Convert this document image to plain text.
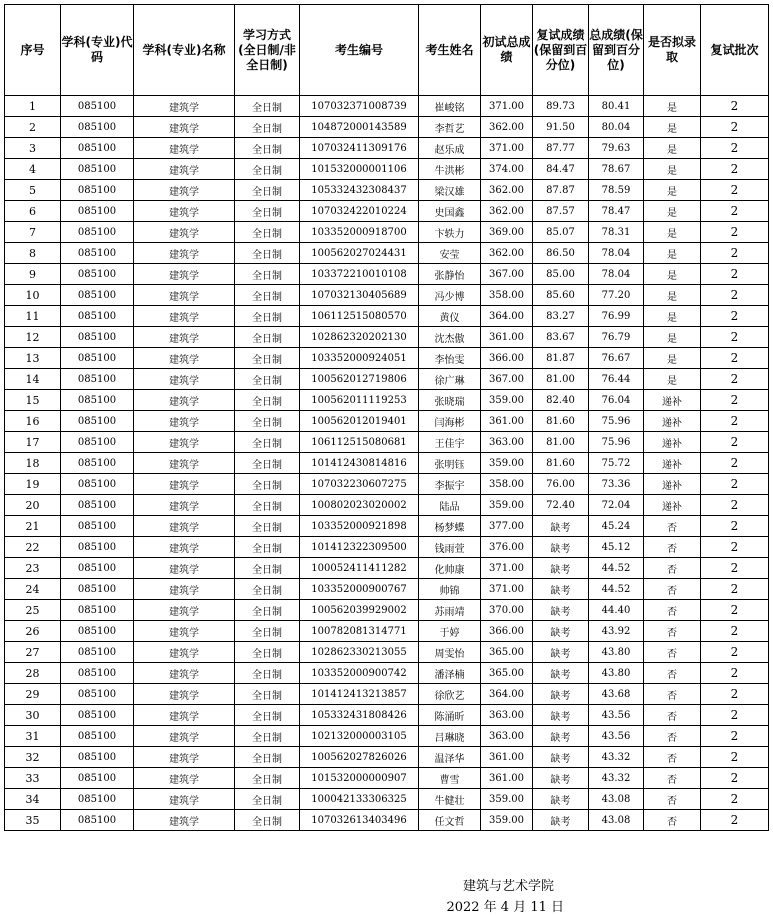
序号	学科(专业)代码	学科(专业)名称	学习方式(全日制/非全日制)	考生编号	考生姓名	初试总成绩	复试成绩(保留到百分位)	总成绩(保留到百分位)	是否拟录取	复试批次
1	085100	建筑学	全日制	107032371008739	崔峻铭	371.00	89.73	80.41	是	2
2	085100	建筑学	全日制	104872000143589	李哲艺	362.00	91.50	80.04	是	2
3	085100	建筑学	全日制	107032411309176	赵乐成	371.00	87.77	79.63	是	2
4	085100	建筑学	全日制	101532000001106	牛洪彬	374.00	84.47	78.67	是	2
5	085100	建筑学	全日制	105332432308437	梁汉雄	362.00	87.87	78.59	是	2
6	085100	建筑学	全日制	107032422010224	史国鑫	362.00	87.57	78.47	是	2
7	085100	建筑学	全日制	103352000918700	卞轶力	369.00	85.07	78.31	是	2
8	085100	建筑学	全日制	100562027024431	安莹	362.00	86.50	78.04	是	2
9	085100	建筑学	全日制	103372210010108	张静怡	367.00	85.00	78.04	是	2
10	085100	建筑学	全日制	107032130405689	冯少博	358.00	85.60	77.20	是	2
11	085100	建筑学	全日制	106112515080570	黄仪	364.00	83.27	76.99	是	2
12	085100	建筑学	全日制	102862320202130	沈杰傲	361.00	83.67	76.79	是	2
13	085100	建筑学	全日制	103352000924051	李怡雯	366.00	81.87	76.67	是	2
14	085100	建筑学	全日制	100562012719806	徐广琳	367.00	81.00	76.44	是	2
15	085100	建筑学	全日制	100562011119253	张晓瑞	359.00	82.40	76.04	递补	2
16	085100	建筑学	全日制	100562012019401	闫海彬	361.00	81.60	75.96	递补	2
17	085100	建筑学	全日制	106112515080681	王佳宇	363.00	81.00	75.96	递补	2
18	085100	建筑学	全日制	101412430814816	张明钰	359.00	81.60	75.72	递补	2
19	085100	建筑学	全日制	107032230607275	李振宇	358.00	76.00	73.36	递补	2
20	085100	建筑学	全日制	100802023020002	陆品	359.00	72.40	72.04	递补	2
21	085100	建筑学	全日制	103352000921898	杨梦蝶	377.00	缺考	45.24	否	2
22	085100	建筑学	全日制	101412322309500	钱雨萱	376.00	缺考	45.12	否	2
23	085100	建筑学	全日制	100052411411282	化帅康	371.00	缺考	44.52	否	2
24	085100	建筑学	全日制	103352000900767	帅锦	371.00	缺考	44.52	否	2
25	085100	建筑学	全日制	100562039929002	苏雨靖	370.00	缺考	44.40	否	2
26	085100	建筑学	全日制	100782081314771	于婷	366.00	缺考	43.92	否	2
27	085100	建筑学	全日制	102862330213055	周雯怡	365.00	缺考	43.80	否	2
28	085100	建筑学	全日制	103352000900742	潘泽楠	365.00	缺考	43.80	否	2
29	085100	建筑学	全日制	101412413213857	徐欣艺	364.00	缺考	43.68	否	2
30	085100	建筑学	全日制	105332431808426	陈涌昕	363.00	缺考	43.56	否	2
31	085100	建筑学	全日制	102132000003105	吕琳晓	363.00	缺考	43.56	否	2
32	085100	建筑学	全日制	100562027826026	温泽华	361.00	缺考	43.32	否	2
33	085100	建筑学	全日制	101532000000907	曹雪	361.00	缺考	43.32	否	2
34	085100	建筑学	全日制	100042133306325	牛健壮	359.00	缺考	43.08	否	2
35	085100	建筑学	全日制	107032613403496	任文哲	359.00	缺考	43.08	否	2
建筑与艺术学院
2022 年 4 月 11 日
